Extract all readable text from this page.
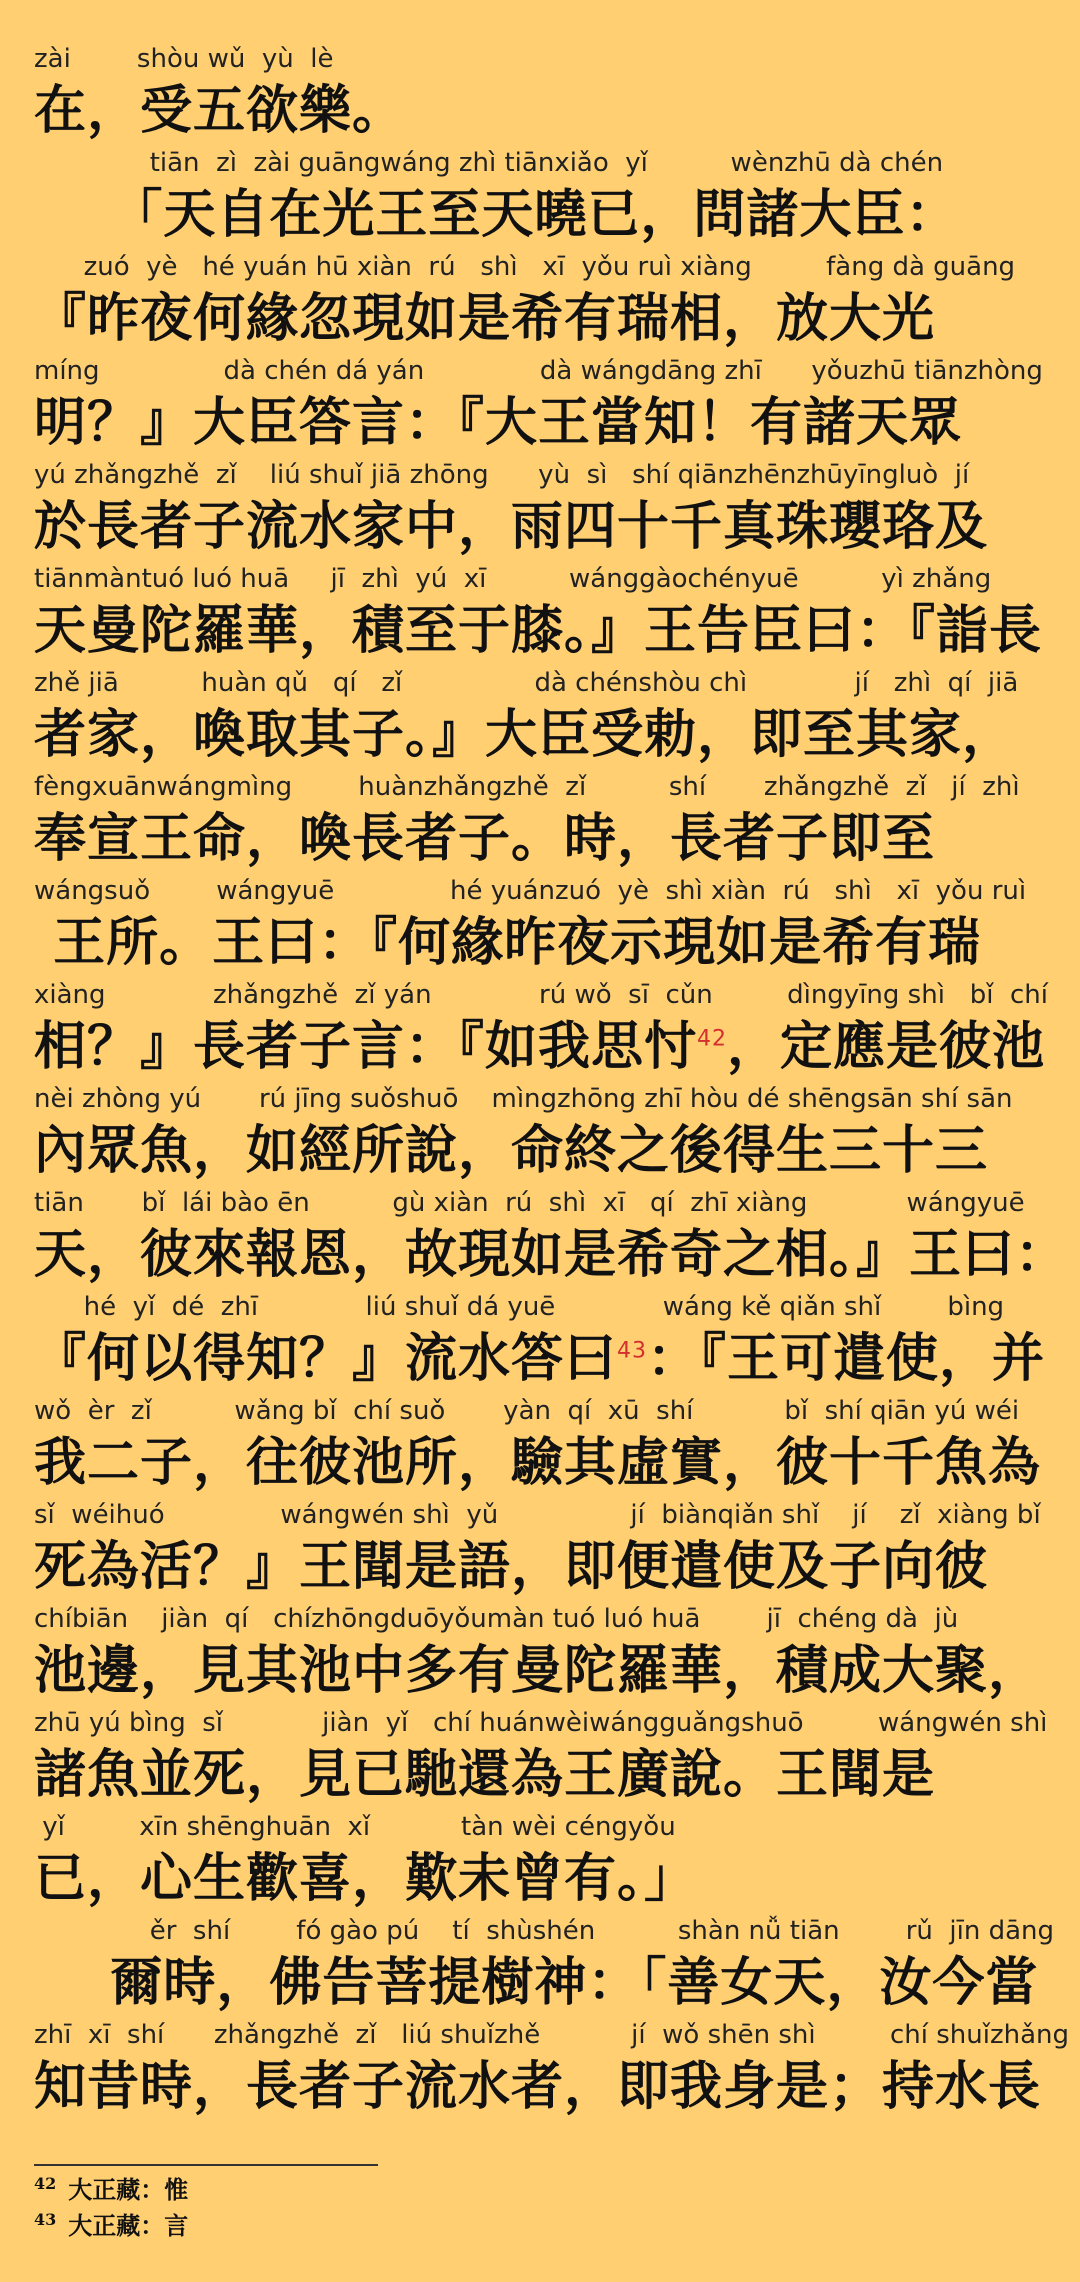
zài        shòu wǔ  yù  lè
在，受五欲樂。
tiān  zì  zài guāngwáng zhì tiānxiǎo  yǐ          wènzhū dà chén
「天自在光王至天曉已，問諸大臣：
zuó  yè   hé yuán hū xiàn  rú   shì   xī  yǒu ruì xiàng         fàng dà guāng
『昨夜何緣忽現如是希有瑞相，放大光
míng               dà chén dá yán              dà wángdāng zhī      yǒuzhū tiānzhòng
明？』大臣答言：『大王當知！有諸天眾
yú zhǎngzhě  zǐ    liú shuǐ jiā zhōng      yù  sì   shí qiānzhēnzhūyīngluò  jí
於長者子流水家中，雨四十千真珠瓔珞及
tiānmàntuó luó huā     jī  zhì  yú  xī          wánggàochényuē          yì zhǎng
天曼陀羅華，積至于膝。』王告臣曰：『詣長
zhě jiā          huàn qǔ   qí   zǐ                dà chénshòu chì             jí   zhì  qí  jiā
者家，喚取其子。』大臣受勅，即至其家，
fèngxuānwángmìng        huànzhǎngzhě  zǐ          shí       zhǎngzhě  zǐ   jí  zhì
奉宣王命，喚長者子。時，長者子即至
wángsuǒ        wángyuē              hé yuánzuó  yè  shì xiàn  rú   shì   xī  yǒu ruì
王所。王曰：『何緣昨夜示現如是希有瑞
xiàng             zhǎngzhě  zǐ yán             rú wǒ  sī  cǔn         dìngyīng shì   bǐ  chí
相？』長者子言：『如我思忖$^{42}$，定應是彼池
nèi zhòng yú       rú jīng suǒshuō    mìngzhōng zhī hòu dé shēngsān shí sān
內眾魚，如經所說，命終之後得生三十三
tiān       bǐ  lái bào ēn          gù xiàn  rú  shì  xī   qí  zhī xiàng            wángyuē
天，彼來報恩，故現如是希奇之相。』王曰：
hé  yǐ  dé  zhī             liú shuǐ dá yuē             wáng kě qiǎn shǐ        bìng
『何以得知？』流水答曰$^{43}$：『王可遣使，并
wǒ  èr  zǐ          wǎng bǐ  chí suǒ       yàn  qí  xū  shí           bǐ  shí qiān yú wéi
我二子，往彼池所，驗其虛實，彼十千魚為
sǐ  wéihuó              wángwén shì  yǔ                jí  biànqiǎn shǐ    jí    zǐ  xiàng bǐ
死為活？』王聞是語，即便遣使及子向彼
chíbiān    jiàn  qí   chízhōngduōyǒumàn tuó luó huā        jī  chéng dà  jù
池邊，見其池中多有曼陀羅華，積成大聚，
zhū yú bìng  sǐ            jiàn  yǐ   chí huánwèiwángguǎngshuō         wángwén shì
諸魚並死，見已馳還為王廣說。王聞是
yǐ         xīn shēnghuān  xǐ           tàn wèi céngyǒu
已，心生歡喜，歎未曾有。」
ěr  shí        fó gào pú    tí  shùshén          shàn nǚ tiān        rǔ  jīn dāng
爾時，佛告菩提樹神：「善女天，汝今當
zhī  xī  shí      zhǎngzhě  zǐ   liú shuǐzhě           jí  wǒ shēn shì         chí shuǐzhǎng
知昔時，長者子流水者，即我身是；持水長
$^{42}$ 大正藏：惟
$^{43}$ 大正藏：言
